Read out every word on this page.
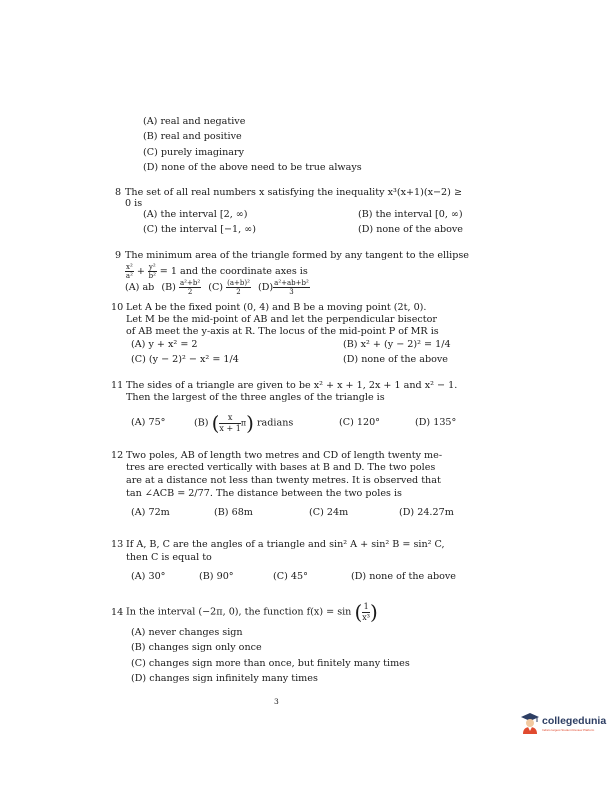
(A) real and negative
(B) real and positive
(C) purely imaginary
(D) none of the above need to be true always
8 The set of all real numbers x satisfying the inequality x³(x+1)(x−2) ≥
0 is
(A) the interval [2, ∞)	(B) the interval [0, ∞)
(C) the interval [−1, ∞)	(D) none of the above
9 The minimum area of the triangle formed by any tangent to the ellipse
$\frac{\text{x²}}{\text{a²}} + \frac{\text{y²}}{\text{b²}} = 1$ and the coordinate axes is
(A) ab $(B) \frac{\text{a²+b²}}{2} (C) \frac{\text{(a+b)²}}{2} (D) \frac{\text{a²+ab+b²}}{3}$
10 Let A be the fixed point (0, 4) and B be a moving point (2t, 0).
Let M be the mid-point of AB and let the perpendicular bisector
of AB meet the y-axis at R. The locus of the mid-point P of MR is
(A) y + x² = 2	(B) x² + (y − 2)² = 1/4
(C) (y − 2)² − x² = 1/4	(D) none of the above
11 The sides of a triangle are given to be x² + x + 1, 2x + 1 and x² − 1.
Then the largest of the three angles of the triangle is
(A) 75°	(B) ( $\frac{x}{x + 1} \pi$) radians	(C) 120°	(D) 135°
12 Two poles, AB of length two metres and CD of length twenty me-
tres are erected vertically with bases at B and D. The two poles
are at a distance not less than twenty metres. It is observed that
tan ∠ACB = 2/77. The distance between the two poles is
(A) 72m	(B) 68m	(C) 24m	(D) 24.27m
13 If A, B, C are the angles of a triangle and sin² A + sin² B = sin² C,
then C is equal to
(A) 30°	(B) 90°	(C) 45°	(D) none of the above
14 In the interval (−2π, 0), the function f(x) = sin ( $\frac{1}{\text{x³}}$ )
(A) never changes sign
(B) changes sign only once
(C) changes sign more than once, but finitely many times
(D) changes sign infinitely many times
3
collegedunia
India's largest Student Review Platform
